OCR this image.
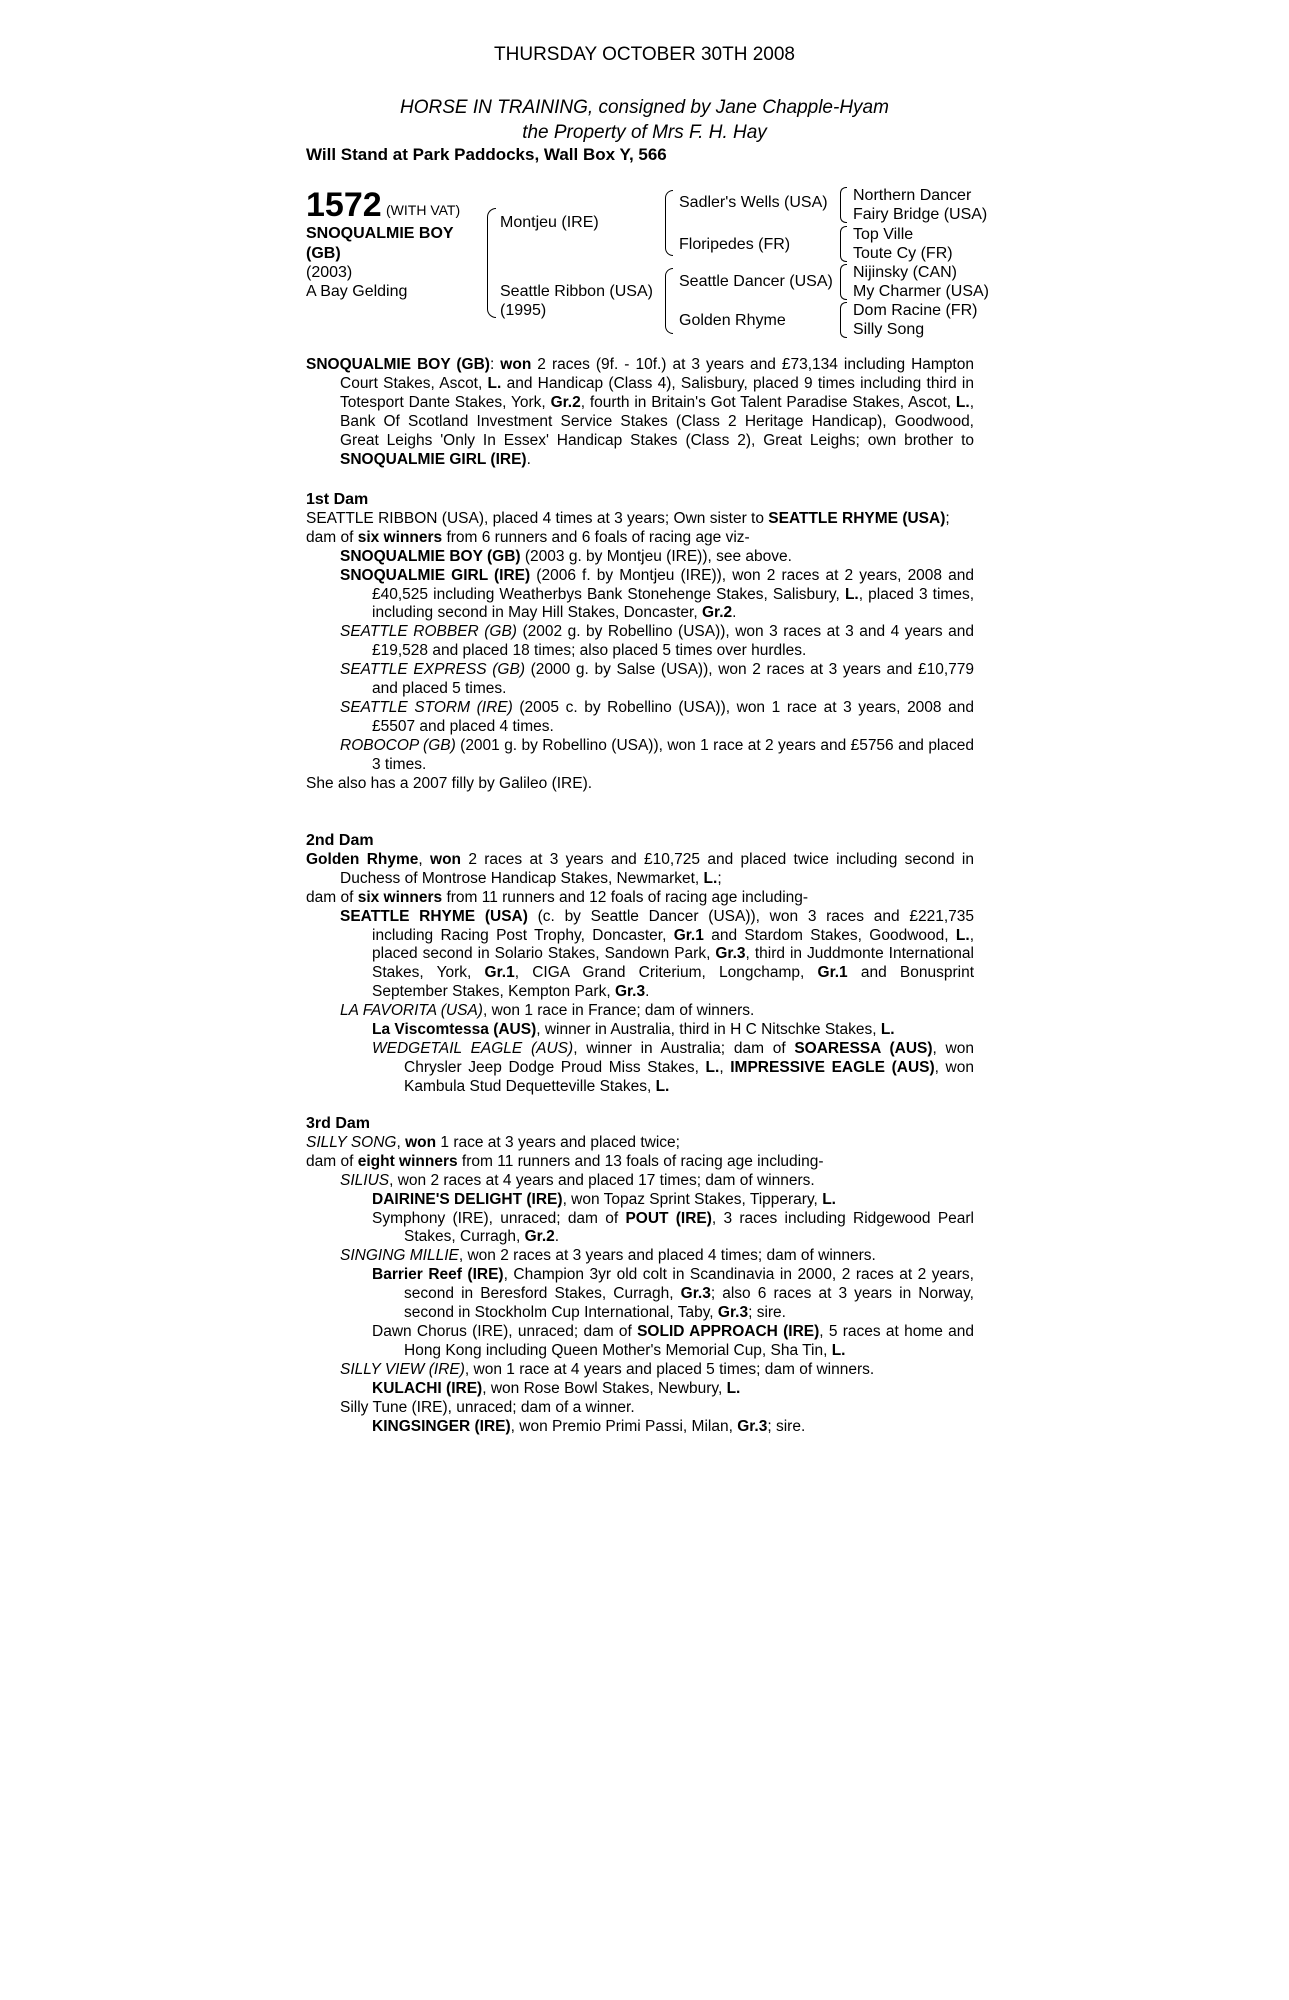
THURSDAY OCTOBER 30TH 2008
HORSE IN TRAINING, consigned by Jane Chapple-Hyam
the Property of Mrs F. H. Hay
Will Stand at Park Paddocks, Wall Box Y, 566
1572 (WITH VAT)
SNOQUALMIE BOY
(GB)
(2003)
A Bay Gelding
Montjeu (IRE)
Seattle Ribbon (USA)
(1995)
Sadler's Wells (USA)
Floripedes (FR)
Seattle Dancer (USA)
Golden Rhyme
Northern Dancer
Fairy Bridge (USA)
Top Ville
Toute Cy (FR)
Nijinsky (CAN)
My Charmer (USA)
Dom Racine (FR)
Silly Song

SNOQUALMIE BOY (GB): won 2 races (9f. - 10f.) at 3 years and £73,134 including Hampton Court Stakes, Ascot, L. and Handicap (Class 4), Salisbury, placed 9 times including third in Totesport Dante Stakes, York, Gr.2, fourth in Britain's Got Talent Paradise Stakes, Ascot, L., Bank Of Scotland Investment Service Stakes (Class 2 Heritage Handicap), Goodwood, Great Leighs 'Only In Essex' Handicap Stakes (Class 2), Great Leighs; own brother to SNOQUALMIE GIRL (IRE).

1st Dam

SEATTLE RIBBON (USA), placed 4 times at 3 years; Own sister to SEATTLE RHYME (USA);

dam of six winners from 6 runners and 6 foals of racing age viz-

SNOQUALMIE BOY (GB) (2003 g. by Montjeu (IRE)), see above.

SNOQUALMIE GIRL (IRE) (2006 f. by Montjeu (IRE)), won 2 races at 2 years, 2008 and £40,525 including Weatherbys Bank Stonehenge Stakes, Salisbury, L., placed 3 times, including second in May Hill Stakes, Doncaster, Gr.2.

SEATTLE ROBBER (GB) (2002 g. by Robellino (USA)), won 3 races at 3 and 4 years and £19,528 and placed 18 times; also placed 5 times over hurdles.

SEATTLE EXPRESS (GB) (2000 g. by Salse (USA)), won 2 races at 3 years and £10,779 and placed 5 times.

SEATTLE STORM (IRE) (2005 c. by Robellino (USA)), won 1 race at 3 years, 2008 and £5507 and placed 4 times.

ROBOCOP (GB) (2001 g. by Robellino (USA)), won 1 race at 2 years and £5756 and placed 3 times.

She also has a 2007 filly by Galileo (IRE).

2nd Dam

Golden Rhyme, won 2 races at 3 years and £10,725 and placed twice including second in Duchess of Montrose Handicap Stakes, Newmarket, L.;

dam of six winners from 11 runners and 12 foals of racing age including-

SEATTLE RHYME (USA) (c. by Seattle Dancer (USA)), won 3 races and £221,735 including Racing Post Trophy, Doncaster, Gr.1 and Stardom Stakes, Goodwood, L., placed second in Solario Stakes, Sandown Park, Gr.3, third in Juddmonte International Stakes, York, Gr.1, CIGA Grand Criterium, Longchamp, Gr.1 and Bonusprint September Stakes, Kempton Park, Gr.3.

LA FAVORITA (USA), won 1 race in France; dam of winners.

La Viscomtessa (AUS), winner in Australia, third in H C Nitschke Stakes, L.

WEDGETAIL EAGLE (AUS), winner in Australia; dam of SOARESSA (AUS), won Chrysler Jeep Dodge Proud Miss Stakes, L., IMPRESSIVE EAGLE (AUS), won Kambula Stud Dequetteville Stakes, L.

3rd Dam

SILLY SONG, won 1 race at 3 years and placed twice;

dam of eight winners from 11 runners and 13 foals of racing age including-

SILIUS, won 2 races at 4 years and placed 17 times; dam of winners.

DAIRINE'S DELIGHT (IRE), won Topaz Sprint Stakes, Tipperary, L.

Symphony (IRE), unraced; dam of POUT (IRE), 3 races including Ridgewood Pearl Stakes, Curragh, Gr.2.

SINGING MILLIE, won 2 races at 3 years and placed 4 times; dam of winners.

Barrier Reef (IRE), Champion 3yr old colt in Scandinavia in 2000, 2 races at 2 years, second in Beresford Stakes, Curragh, Gr.3; also 6 races at 3 years in Norway, second in Stockholm Cup International, Taby, Gr.3; sire.

Dawn Chorus (IRE), unraced; dam of SOLID APPROACH (IRE), 5 races at home and Hong Kong including Queen Mother's Memorial Cup, Sha Tin, L.

SILLY VIEW (IRE), won 1 race at 4 years and placed 5 times; dam of winners.

KULACHI (IRE), won Rose Bowl Stakes, Newbury, L.

Silly Tune (IRE), unraced; dam of a winner.

KINGSINGER (IRE), won Premio Primi Passi, Milan, Gr.3; sire.
